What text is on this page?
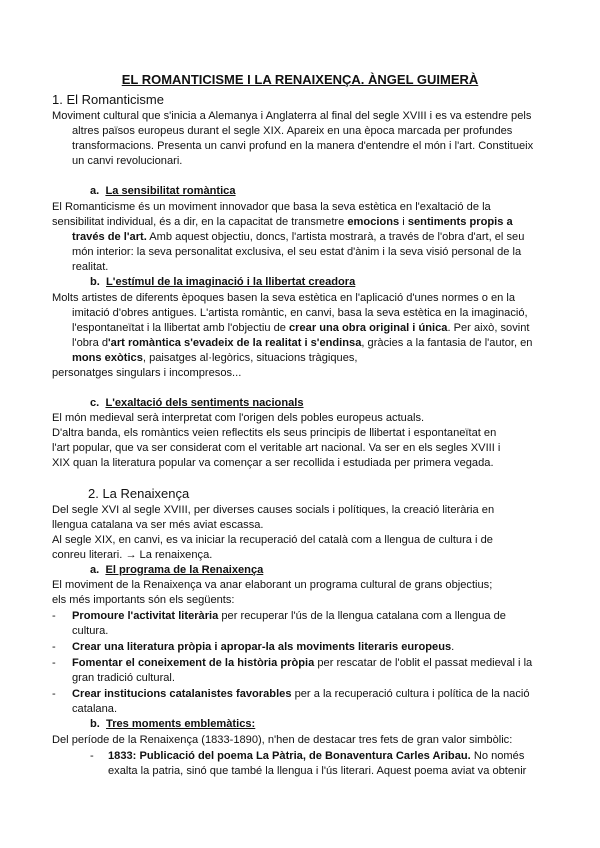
EL ROMANTICISME I LA RENAIXENÇA. ÀNGEL GUIMERÀ

1. El Romanticisme

Moviment cultural que s'inicia a Alemanya i Anglaterra al final del segle XVIII i es va estendre pels

altres països europeus durant el segle XIX. Apareix en una època marcada per profundes

transformacions. Presenta un canvi profund en la manera d'entendre el món i l'art. Constitueix

un canvi revolucionari.

a. La sensibilitat romàntica

El Romanticisme és un moviment innovador que basa la seva estètica en l'exaltació de la

sensibilitat individual, és a dir, en la capacitat de transmetre emocions i sentiments propis a

través de l'art. Amb aquest objectiu, doncs, l'artista mostrarà, a través de l'obra d'art, el seu

món interior: la seva personalitat exclusiva, el seu estat d'ànim i la seva visió personal de la

realitat.

b. L'estímul de la imaginació i la llibertat creadora

Molts artistes de diferents èpoques basen la seva estètica en l'aplicació d'unes normes o en la

imitació d'obres antigues. L'artista romàntic, en canvi, basa la seva estètica en la imaginació,

l'espontaneïtat i la llibertat amb l'objectiu de crear una obra original i única. Per això, sovint

l'obra d'art romàntica s'evadeix de la realitat i s'endinsa, gràcies a la fantasia de l'autor, en

mons exòtics, paisatges al·legòrics, situacions tràgiques,

personatges singulars i incompresos...

c. L'exaltació dels sentiments nacionals

El món medieval serà interpretat com l'origen dels pobles europeus actuals.

D'altra banda, els romàntics veien reflectits els seus principis de llibertat i espontaneïtat en

l'art popular, que va ser considerat com el veritable art nacional. Va ser en els segles XVIII i

XIX quan la literatura popular va començar a ser recollida i estudiada per primera vegada.

2. La Renaixença

Del segle XVI al segle XVIII, per diverses causes socials i polítiques, la creació literària en

llengua catalana va ser més aviat escassa.

Al segle XIX, en canvi, es va iniciar la recuperació del català com a llengua de cultura i de

conreu literari. → La renaixença.

a. El programa de la Renaixença

El moviment de la Renaixença va anar elaborant un programa cultural de grans objectius;

els més importants són els següents:

- Promoure l'activitat literària per recuperar l'ús de la llengua catalana com a llengua de

cultura.

- Crear una literatura pròpia i apropar-la als moviments literaris europeus.

- Fomentar el coneixement de la història pròpia per rescatar de l'oblit el passat medieval i la

gran tradició cultural.

- Crear institucions catalanistes favorables per a la recuperació cultura i política de la nació

catalana.

b. Tres moments emblemàtics:

Del període de la Renaixença (1833-1890), n'hen de destacar tres fets de gran valor simbòlic:

- 1833: Publicació del poema La Pàtria, de Bonaventura Carles Aribau. No només

exalta la patria, sinó que també la llengua i l'ús literari. Aquest poema aviat va obtenir
